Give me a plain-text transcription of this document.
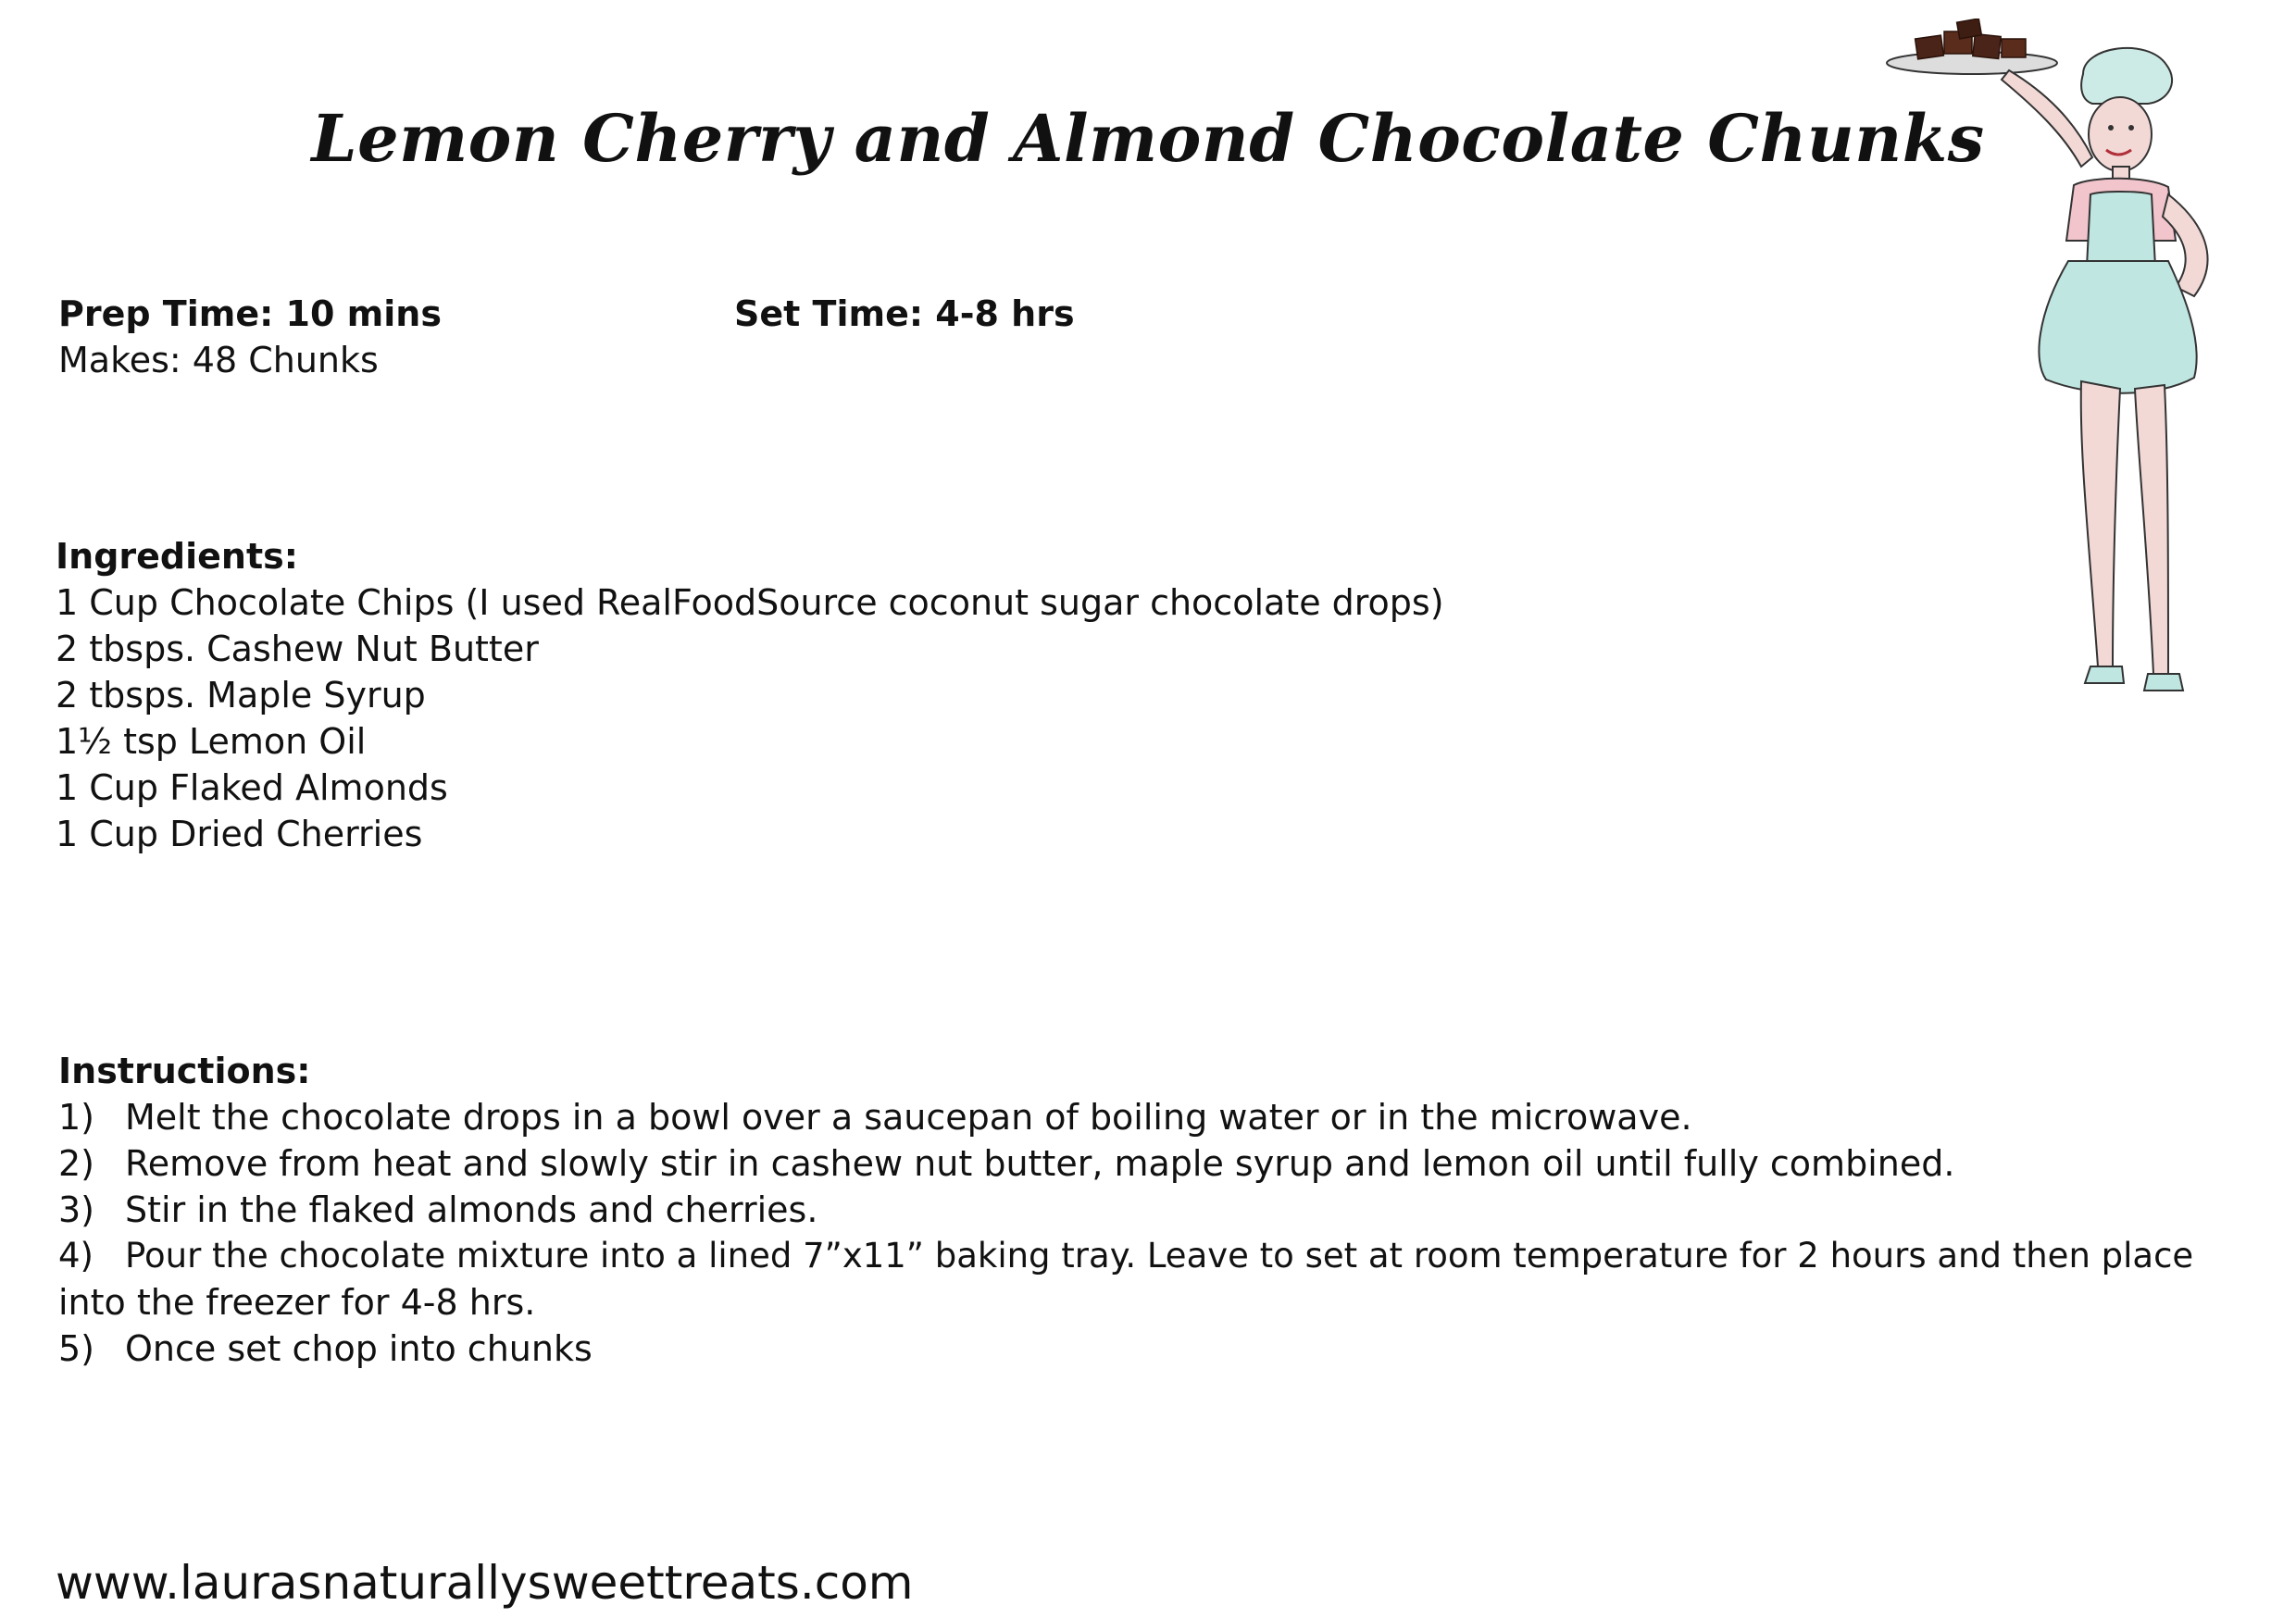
Lemon Cherry and Almond Chocolate Chunks
Prep Time: 10 mins	Set Time: 4-8 hrs
Makes: 48 Chunks
Ingredients:
1 Cup Chocolate Chips (I used RealFoodSource coconut sugar chocolate drops)
2 tbsps. Cashew Nut Butter
2 tbsps. Maple Syrup
1½ tsp Lemon Oil
1 Cup Flaked Almonds
1 Cup Dried Cherries
Instructions:
1) Melt the chocolate drops in a bowl over a saucepan of boiling water or in the microwave.
2) Remove from heat and slowly stir in cashew nut butter, maple syrup and lemon oil until fully combined.
3) Stir in the flaked almonds and cherries.
4) Pour the chocolate mixture into a lined 7”x11” baking tray. Leave to set at room temperature for 2 hours and then place
into the freezer for 4-8 hrs.
5) Once set chop into chunks
www.laurasnaturallysweettreats.com
